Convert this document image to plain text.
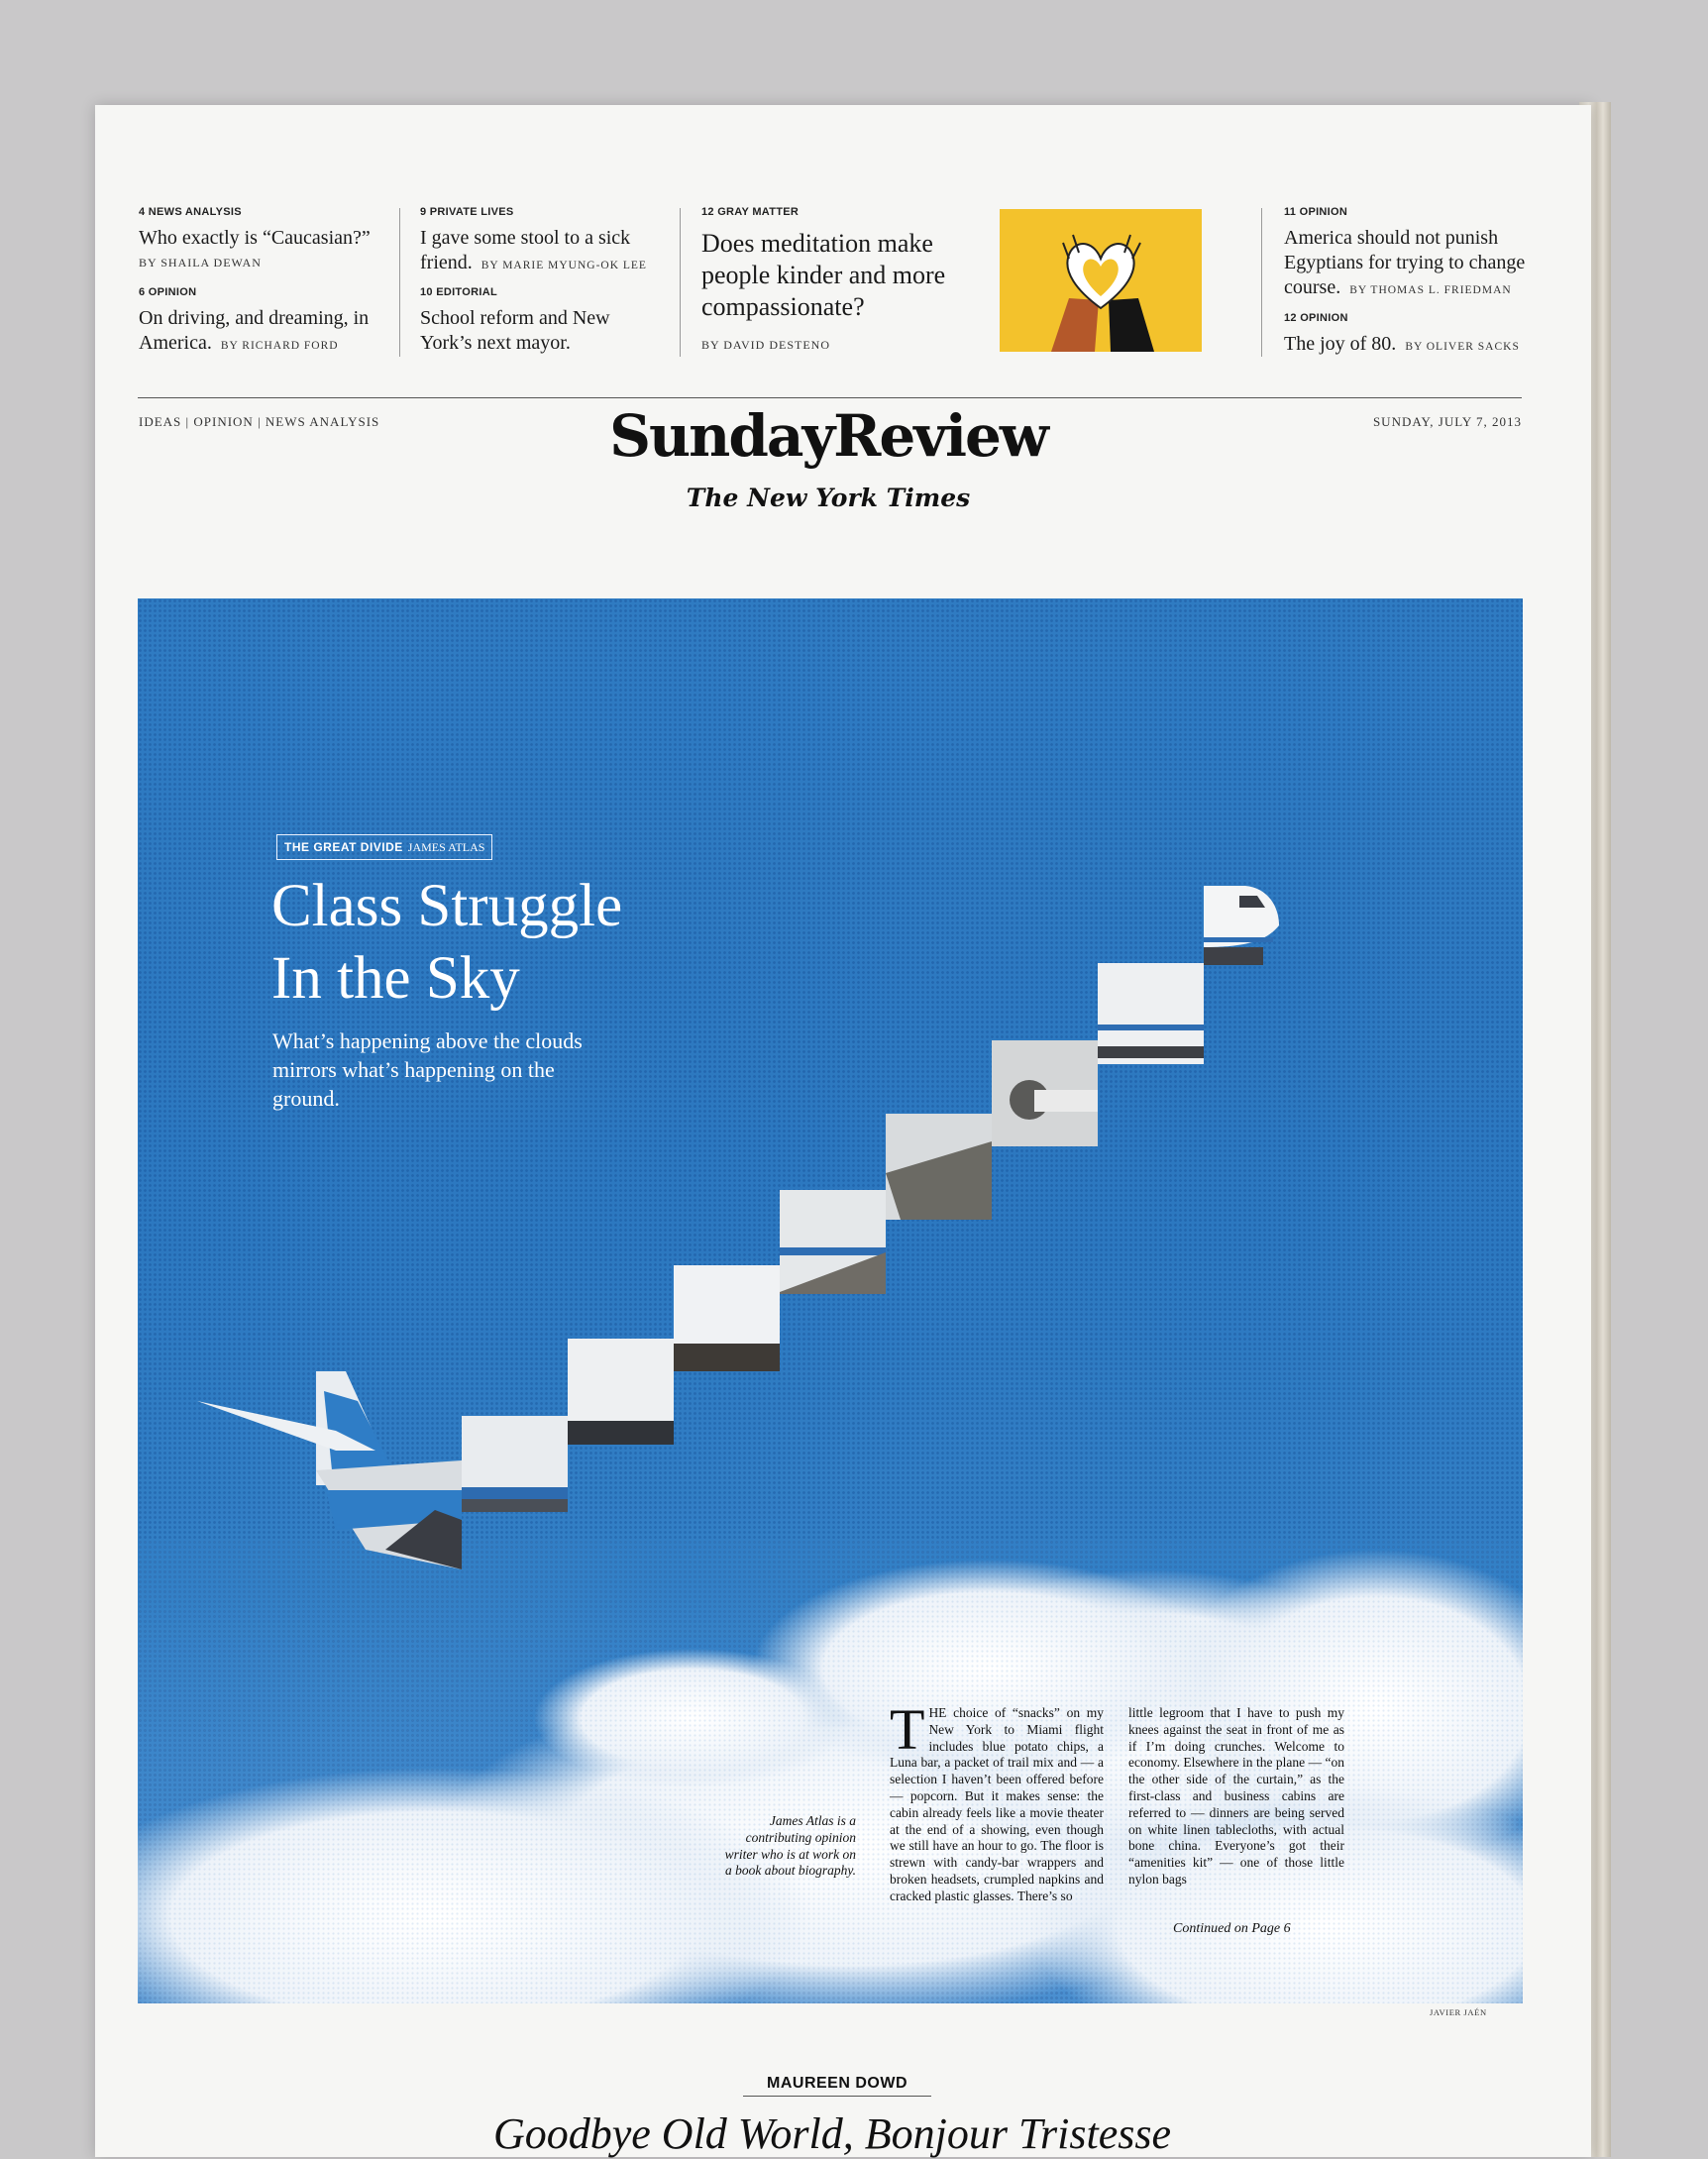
4 NEWS ANALYSIS
Who exactly is “Caucasian?”
BY SHAILA DEWAN
6 OPINION
On driving, and dreaming, in America. BY RICHARD FORD
9 PRIVATE LIVES
I gave some stool to a sick friend. BY MARIE MYUNG-OK LEE
10 EDITORIAL
School reform and New York’s next mayor.
12 GRAY MATTER
Does meditation make people kinder and more compassionate?
BY DAVID DESTENO
11 OPINION
America should not punish Egyptians for trying to change course. BY THOMAS L. FRIEDMAN
12 OPINION
The joy of 80. BY OLIVER SACKS
IDEAS | OPINION | NEWS ANALYSIS	SUNDAY, JULY 7, 2013
SundayReview
The New York Times
THE GREAT DIVIDE JAMES ATLAS
Class Struggle
In the Sky
What’s happening above the clouds mirrors what’s happening on the ground.
James Atlas is a contributing opinion writer who is at work on a book about biography.
THE choice of “snacks” on my New York to Miami flight includes blue potato chips, a Luna bar, a packet of trail mix and — a selection I haven’t been offered before — popcorn. But it makes sense: the cabin already feels like a movie theater at the end of a showing, even though we still have an hour to go. The floor is strewn with candy-bar wrappers and broken headsets, crumpled napkins and cracked plastic glasses. There’s so
little legroom that I have to push my knees against the seat in front of me as if I’m doing crunches. Welcome to economy. Elsewhere in the plane — “on the other side of the curtain,” as the first-class and business cabins are referred to — dinners are being served on white linen tablecloths, with actual bone china. Everyone’s got their “amenities kit” — one of those little nylon bags
Continued on Page 6
JAVIER JAÉN
MAUREEN DOWD
Goodbye Old World, Bonjour Tristesse
